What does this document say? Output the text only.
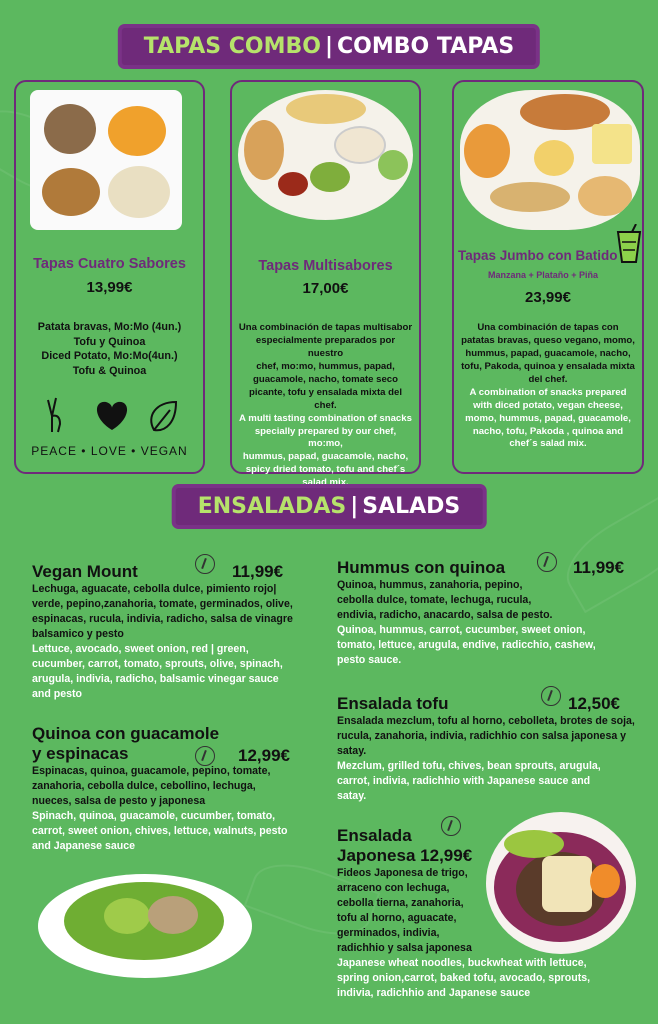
TAPAS COMBO | COMBO TAPAS
Tapas Cuatro Sabores
13,99€
Patata bravas, Mo:Mo (4un.)
Tofu y Quinoa
Diced Potato, Mo:Mo(4un.)
Tofu & Quinoa
PEACE • LOVE • VEGAN
Tapas Multisabores
17,00€
Una combinación de tapas multisabor
especialmente preparados por nuestro
chef, mo:mo, hummus, papad,
guacamole, nacho, tomate seco
picante, tofu y ensalada mixta del chef.
A multi tasting combination of snacks
specially prepared by our chef, mo:mo,
hummus, papad, guacamole, nacho,
spicy dried tomato, tofu and chef´s
salad mix.
Tapas Jumbo con Batido
Manzana + Plataño + Piña
23,99€
Una combinación de tapas con
patatas bravas, queso vegano, momo,
hummus, papad, guacamole, nacho,
tofu, Pakoda, quinoa y ensalada mixta
del chef.
A combination of snacks prepared
with diced potato, vegan cheese,
momo, hummus, papad, guacamole,
nacho, tofu, Pakoda , quinoa and
chef´s salad mix.
ENSALADAS | SALADS
Vegan Mount	11,99€
Lechuga, aguacate, cebolla dulce, pimiento rojo| verde, pepino,zanahoria, tomate, germinados, olive, espinacas, rucula, indivia, radicho, salsa de vinagre balsamico y pesto
Lettuce, avocado, sweet onion, red | green, cucumber, carrot, tomato, sprouts, olive, spinach, arugula, indivia, radicho, balsamic vinegar sauce and pesto
Quinoa con guacamole
y espinacas	12,99€
Espinacas, quinoa, guacamole, pepino, tomate, zanahoria, cebolla dulce, cebollino, lechuga, nueces, salsa de pesto y japonesa
Spinach, quinoa, guacamole, cucumber, tomato, carrot, sweet onion, chives, lettuce, walnuts, pesto and Japanese sauce
Hummus con quinoa	11,99€
Quinoa, hummus, zanahoria, pepino, cebolla dulce, tomate, lechuga, rucula, endivia, radicho, anacardo, salsa de pesto.
Quinoa, hummus, carrot, cucumber, sweet onion, tomato, lettuce, arugula, endive, radicchio, cashew, pesto sauce.
Ensalada tofu	12,50€
Ensalada mezclum, tofu al horno, cebolleta, brotes de soja, rucula, zanahoria, indivia, radichhio con salsa japonesa y satay.
Mezclum, grilled tofu, chives, bean sprouts, arugula, carrot, indivia, radichhio with Japanese sauce and satay.
Ensalada
Japonesa 12,99€
Fideos Japonesa de trigo, arraceno con lechuga, cebolla tierna, zanahoria, tofu al horno, aguacate, germinados, indivia, radichhio y salsa japonesa
Japanese wheat noodles, buckwheat with lettuce, spring onion,carrot, baked tofu, avocado, sprouts, indivia, radichhio and Japanese sauce
